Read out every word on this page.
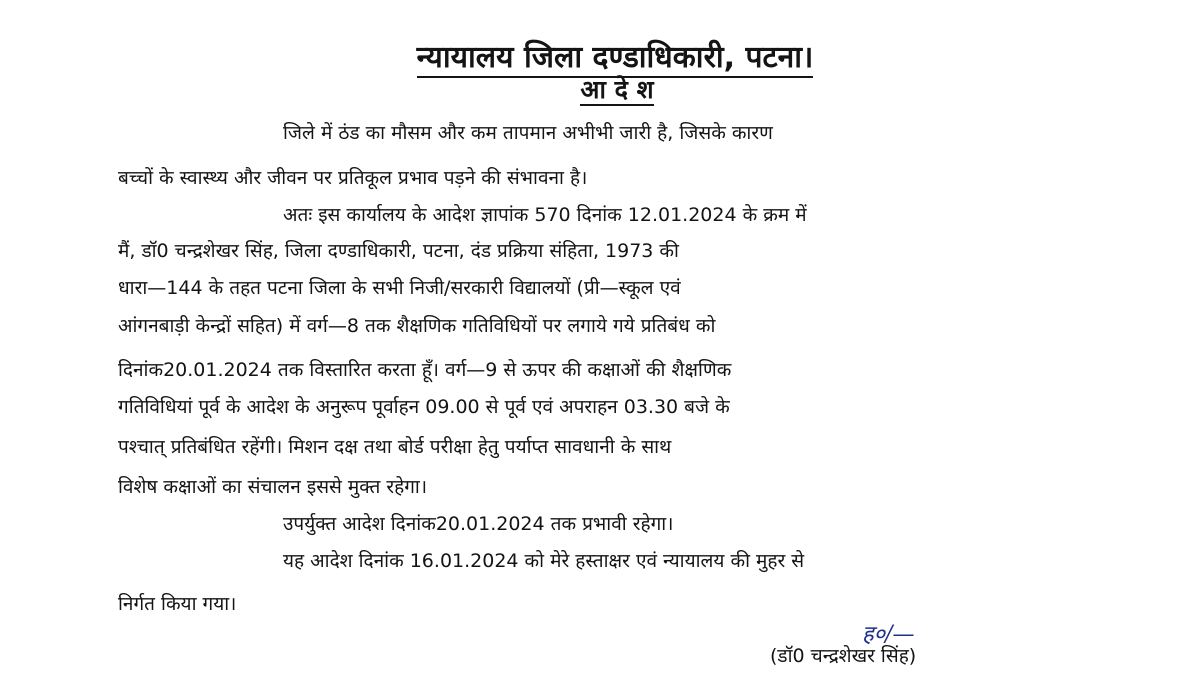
न्यायालय जिला दण्डाधिकारी, पटना।
आ दे श
जिले में ठंड का मौसम और कम तापमान अभीभी जारी है, जिसके कारण
बच्चों के स्वास्थ्य और जीवन पर प्रतिकूल प्रभाव पड़ने की संभावना है।
अतः इस कार्यालय के आदेश ज्ञापांक 570 दिनांक 12.01.2024 के क्रम में
मैं, डॉ0 चन्द्रशेखर सिंह, जिला दण्डाधिकारी, पटना, दंड प्रक्रिया संहिता, 1973 की
धारा—144 के तहत पटना जिला के सभी निजी/सरकारी विद्यालयों (प्री—स्कूल एवं
आंगनबाड़ी केन्द्रों सहित) में वर्ग—8 तक शैक्षणिक गतिविधियों पर लगाये गये प्रतिबंध को
दिनांक20.01.2024 तक विस्तारित करता हूँ। वर्ग—9 से ऊपर की कक्षाओं की शैक्षणिक
गतिविधियां पूर्व के आदेश के अनुरूप पूर्वाहन 09.00 से पूर्व एवं अपराहन 03.30 बजे के
पश्चात् प्रतिबंधित रहेंगी। मिशन दक्ष तथा बोर्ड परीक्षा हेतु पर्याप्त सावधानी के साथ
विशेष कक्षाओं का संचालन इससे मुक्त रहेगा।
उपर्युक्त आदेश दिनांक20.01.2024 तक प्रभावी रहेगा।
यह आदेश दिनांक 16.01.2024 को मेरे हस्ताक्षर एवं न्यायालय की मुहर से
निर्गत किया गया।
ह०/—
(डॉ0 चन्द्रशेखर सिंह)
